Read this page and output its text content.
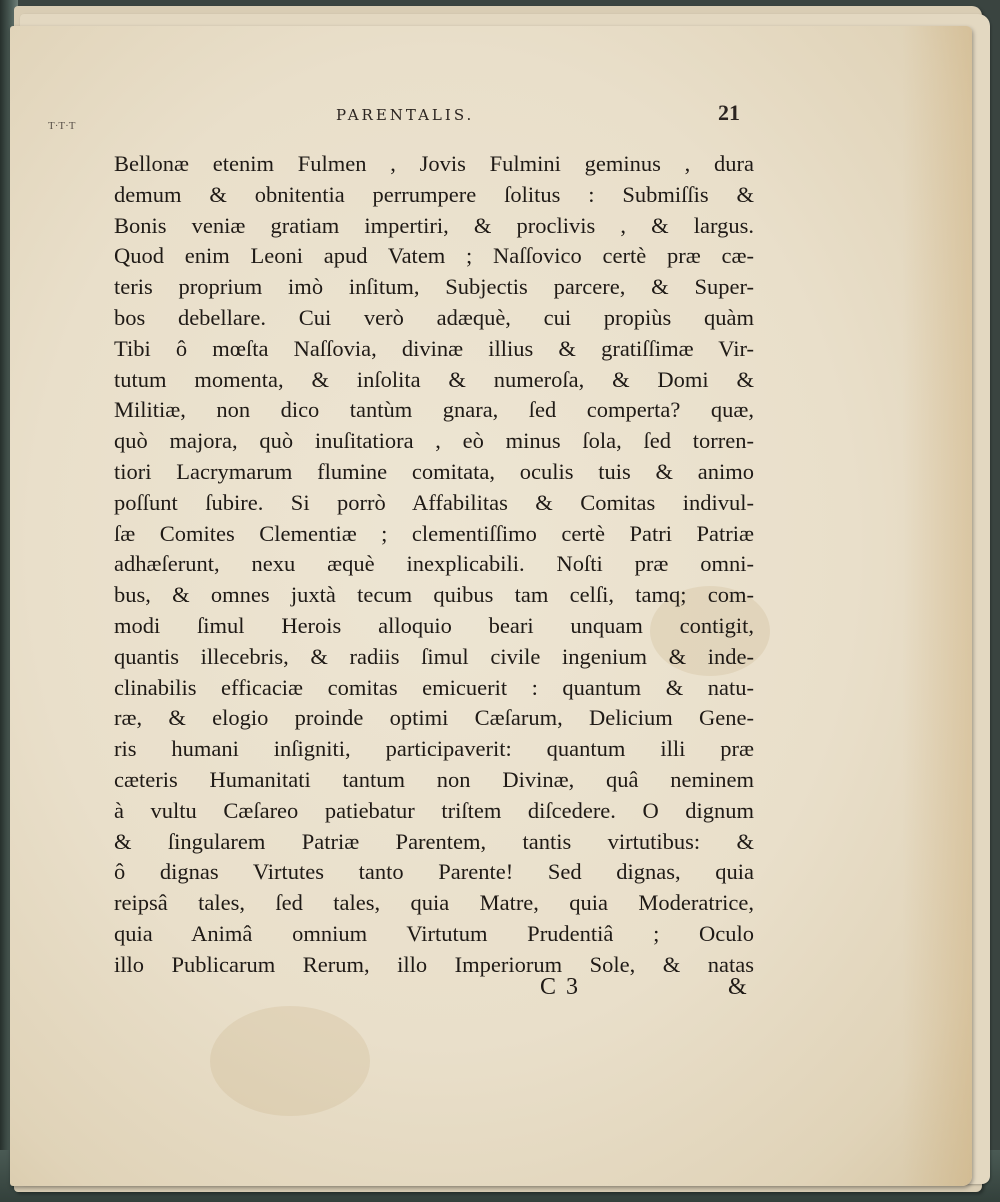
T·T·T
PARENTALIS.	21
Bellonæ etenim Fulmen , Jovis Fulmini geminus , dura
demum & obnitentia perrumpere ſolitus : Submiſſis &
Bonis veniæ gratiam impertiri, & proclivis , & largus.
Quod enim Leoni apud Vatem ; Naſſovico certè præ cæ-
teris proprium imò inſitum, Subjectis parcere, & Super-
bos debellare. Cui verò adæquè, cui propiùs quàm
Tibi ô mœſta Naſſovia, divinæ illius & gratiſſimæ Vir-
tutum momenta, & inſolita & numeroſa, & Domi &
Militiæ, non dico tantùm gnara, ſed comperta? quæ,
quò majora, quò inuſitatiora , eò minus ſola, ſed torren-
tiori Lacrymarum flumine comitata, oculis tuis & animo
poſſunt ſubire. Si porrò Affabilitas & Comitas indivul-
ſæ Comites Clementiæ ; clementiſſimo certè Patri Patriæ
adhæſerunt, nexu æquè inexplicabili. Noſti præ omni-
bus, & omnes juxtà tecum quibus tam celſi, tamq; com-
modi ſimul Herois alloquio beari unquam contigit,
quantis illecebris, & radiis ſimul civile ingenium & inde-
clinabilis efficaciæ comitas emicuerit : quantum & natu-
ræ, & elogio proinde optimi Cæſarum, Delicium Gene-
ris humani inſigniti, participaverit: quantum illi præ
cæteris Humanitati tantum non Divinæ, quâ neminem
à vultu Cæſareo patiebatur triſtem diſcedere. O dignum
& ſingularem Patriæ Parentem, tantis virtutibus: &
ô dignas Virtutes tanto Parente! Sed dignas, quia
reipsâ tales, ſed tales, quia Matre, quia Moderatrice,
quia Animâ omnium Virtutum Prudentiâ ; Oculo
illo Publicarum Rerum, illo Imperiorum Sole, & natas
C 3	&
